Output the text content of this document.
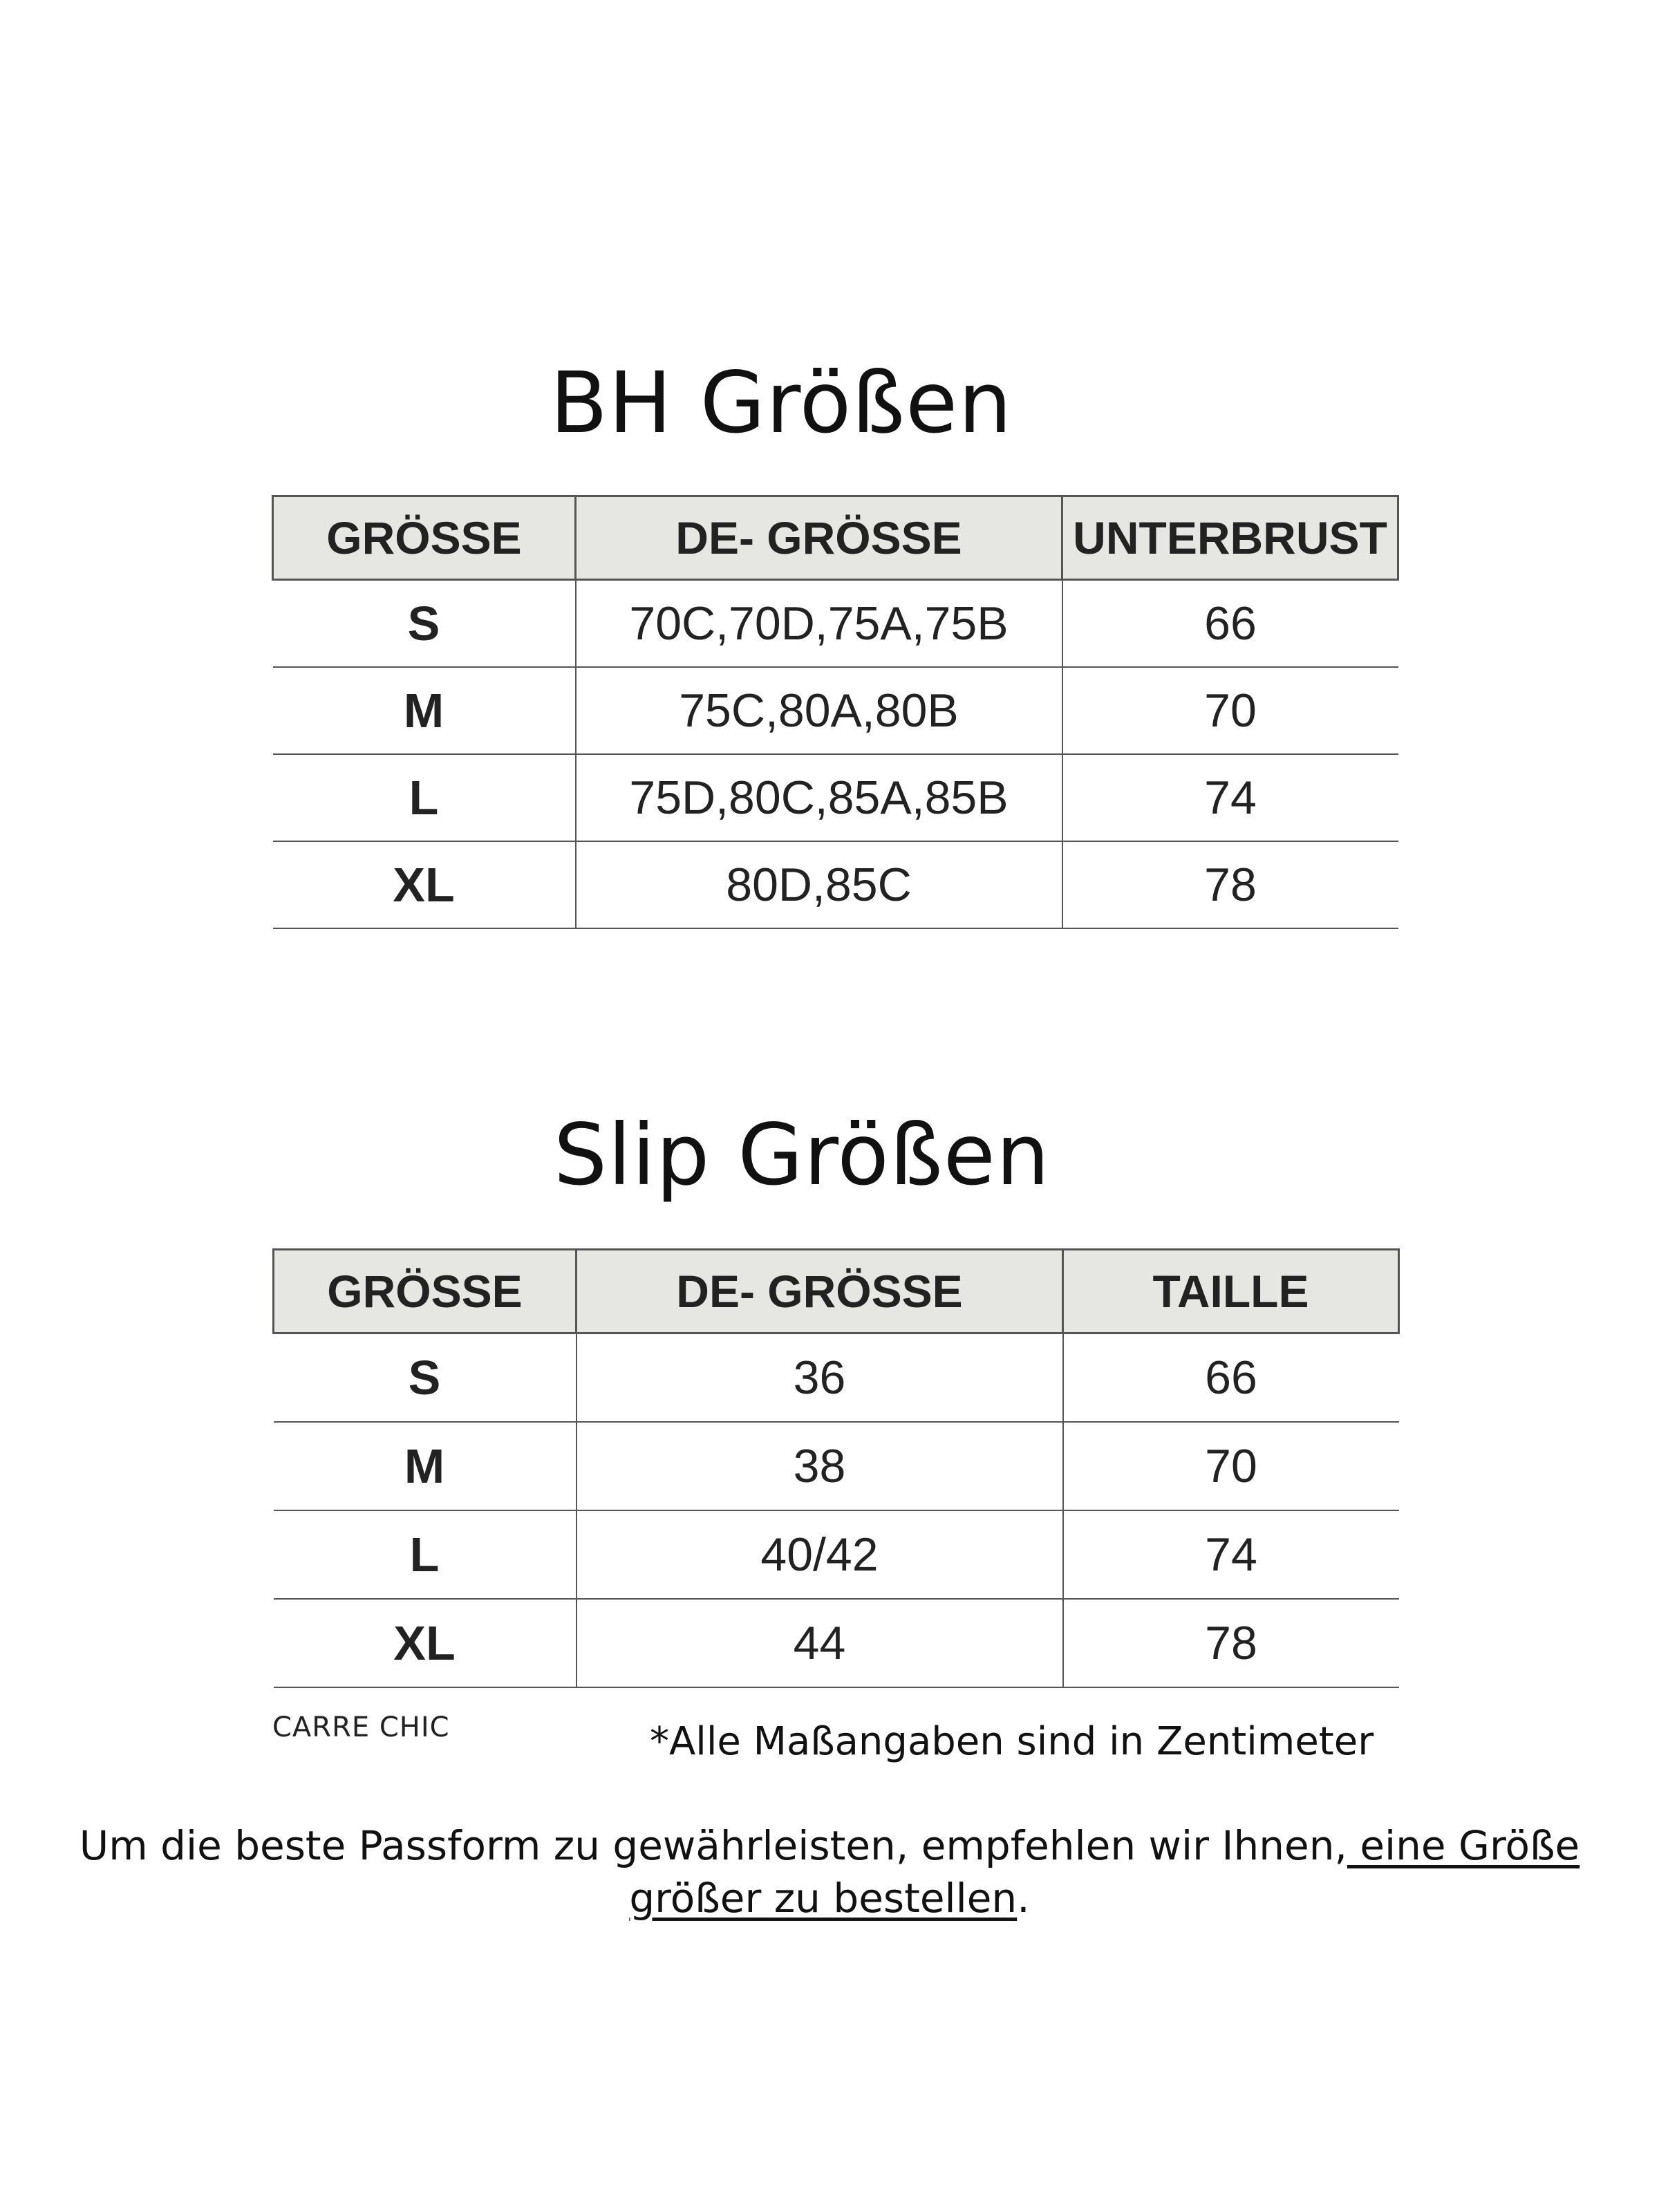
BH Größen
GRÖSSE	DE- GRÖSSE	UNTERBRUST
S	70C,70D,75A,75B	66
M	75C,80A,80B	70
L	75D,80C,85A,85B	74
XL	80D,85C	78
Slip Größen
GRÖSSE	DE- GRÖSSE	TAILLE
S	36	66
M	38	70
L	40/42	74
XL	44	78
CARRE CHIC	*Alle Maßangaben sind in Zentimeter
Um die beste Passform zu gewährleisten, empfehlen wir Ihnen, eine Größe größer zu bestellen.
